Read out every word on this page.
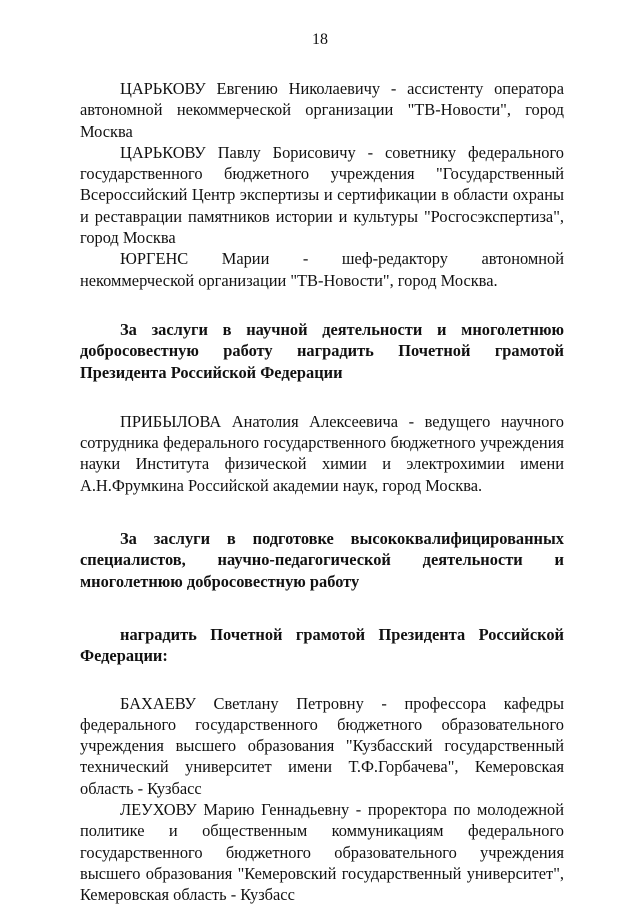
18

ЦАРЬКОВУ Евгению Николаевичу - ассистенту оператора автономной некоммерческой организации "ТВ-Новости", город Москва

ЦАРЬКОВУ Павлу Борисовичу - советнику федерального государственного бюджетного учреждения "Государственный Всероссийский Центр экспертизы и сертификации в области охраны и реставрации памятников истории и культуры "Росгосэкспертиза", город Москва

ЮРГЕНС Марии - шеф-редактору автономной некоммерческой организации "ТВ-Новости", город Москва.

За заслуги в научной деятельности и многолетнюю добросовестную работу наградить Почетной грамотой Президента Российской Федерации

ПРИБЫЛОВА Анатолия Алексеевича - ведущего научного сотрудника федерального государственного бюджетного учреждения науки Института физической химии и электрохимии имени А.Н.Фрумкина Российской академии наук, город Москва.

За заслуги в подготовке высококвалифицированных специалистов, научно-педагогической деятельности и многолетнюю добросовестную работу

наградить Почетной грамотой Президента Российской Федерации:

БАХАЕВУ Светлану Петровну - профессора кафедры федерального государственного бюджетного образовательного учреждения высшего образования "Кузбасский государственный технический университет имени Т.Ф.Горбачева", Кемеровская область - Кузбасс

ЛЕУХОВУ Марию Геннадьевну - проректора по молодежной политике и общественным коммуникациям федерального государственного бюджетного образовательного учреждения высшего образования "Кемеровский государственный университет", Кемеровская область - Кузбасс
